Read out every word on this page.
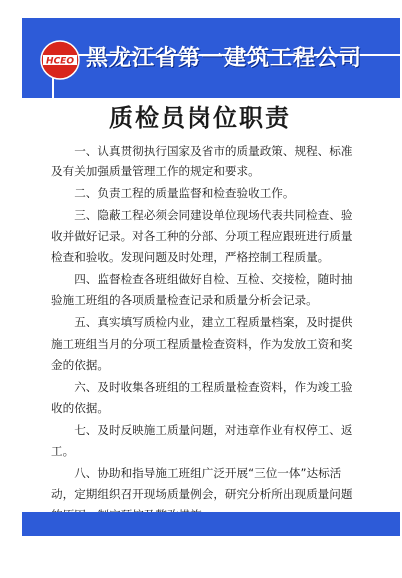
HCEO 黑龙江省第一建筑工程公司
质检员岗位职责
　　一、认真贯彻执行国家及省市的质量政策、规程、标准
及有关加强质量管理工作的规定和要求。
　　二、负责工程的质量监督和检查验收工作。
　　三、隐蔽工程必须会同建设单位现场代表共同检查、验
收并做好记录。对各工种的分部、分项工程应跟班进行质量
检查和验收。发现问题及时处理，严格控制工程质量。
　　四、监督检查各班组做好自检、互检、交接检，随时抽
验施工班组的各项质量检查记录和质量分析会记录。
　　五、真实填写质检内业，建立工程质量档案，及时提供
施工班组当月的分项工程质量检查资料，作为发放工资和奖
金的依据。
　　六、及时收集各班组的工程质量检查资料，作为竣工验
收的依据。
　　七、及时反映施工质量问题，对违章作业有权停工、返
工。
　　八、协助和指导施工班组广泛开展“三位一体”达标活
动，定期组织召开现场质量例会，研究分析所出现质量问题
